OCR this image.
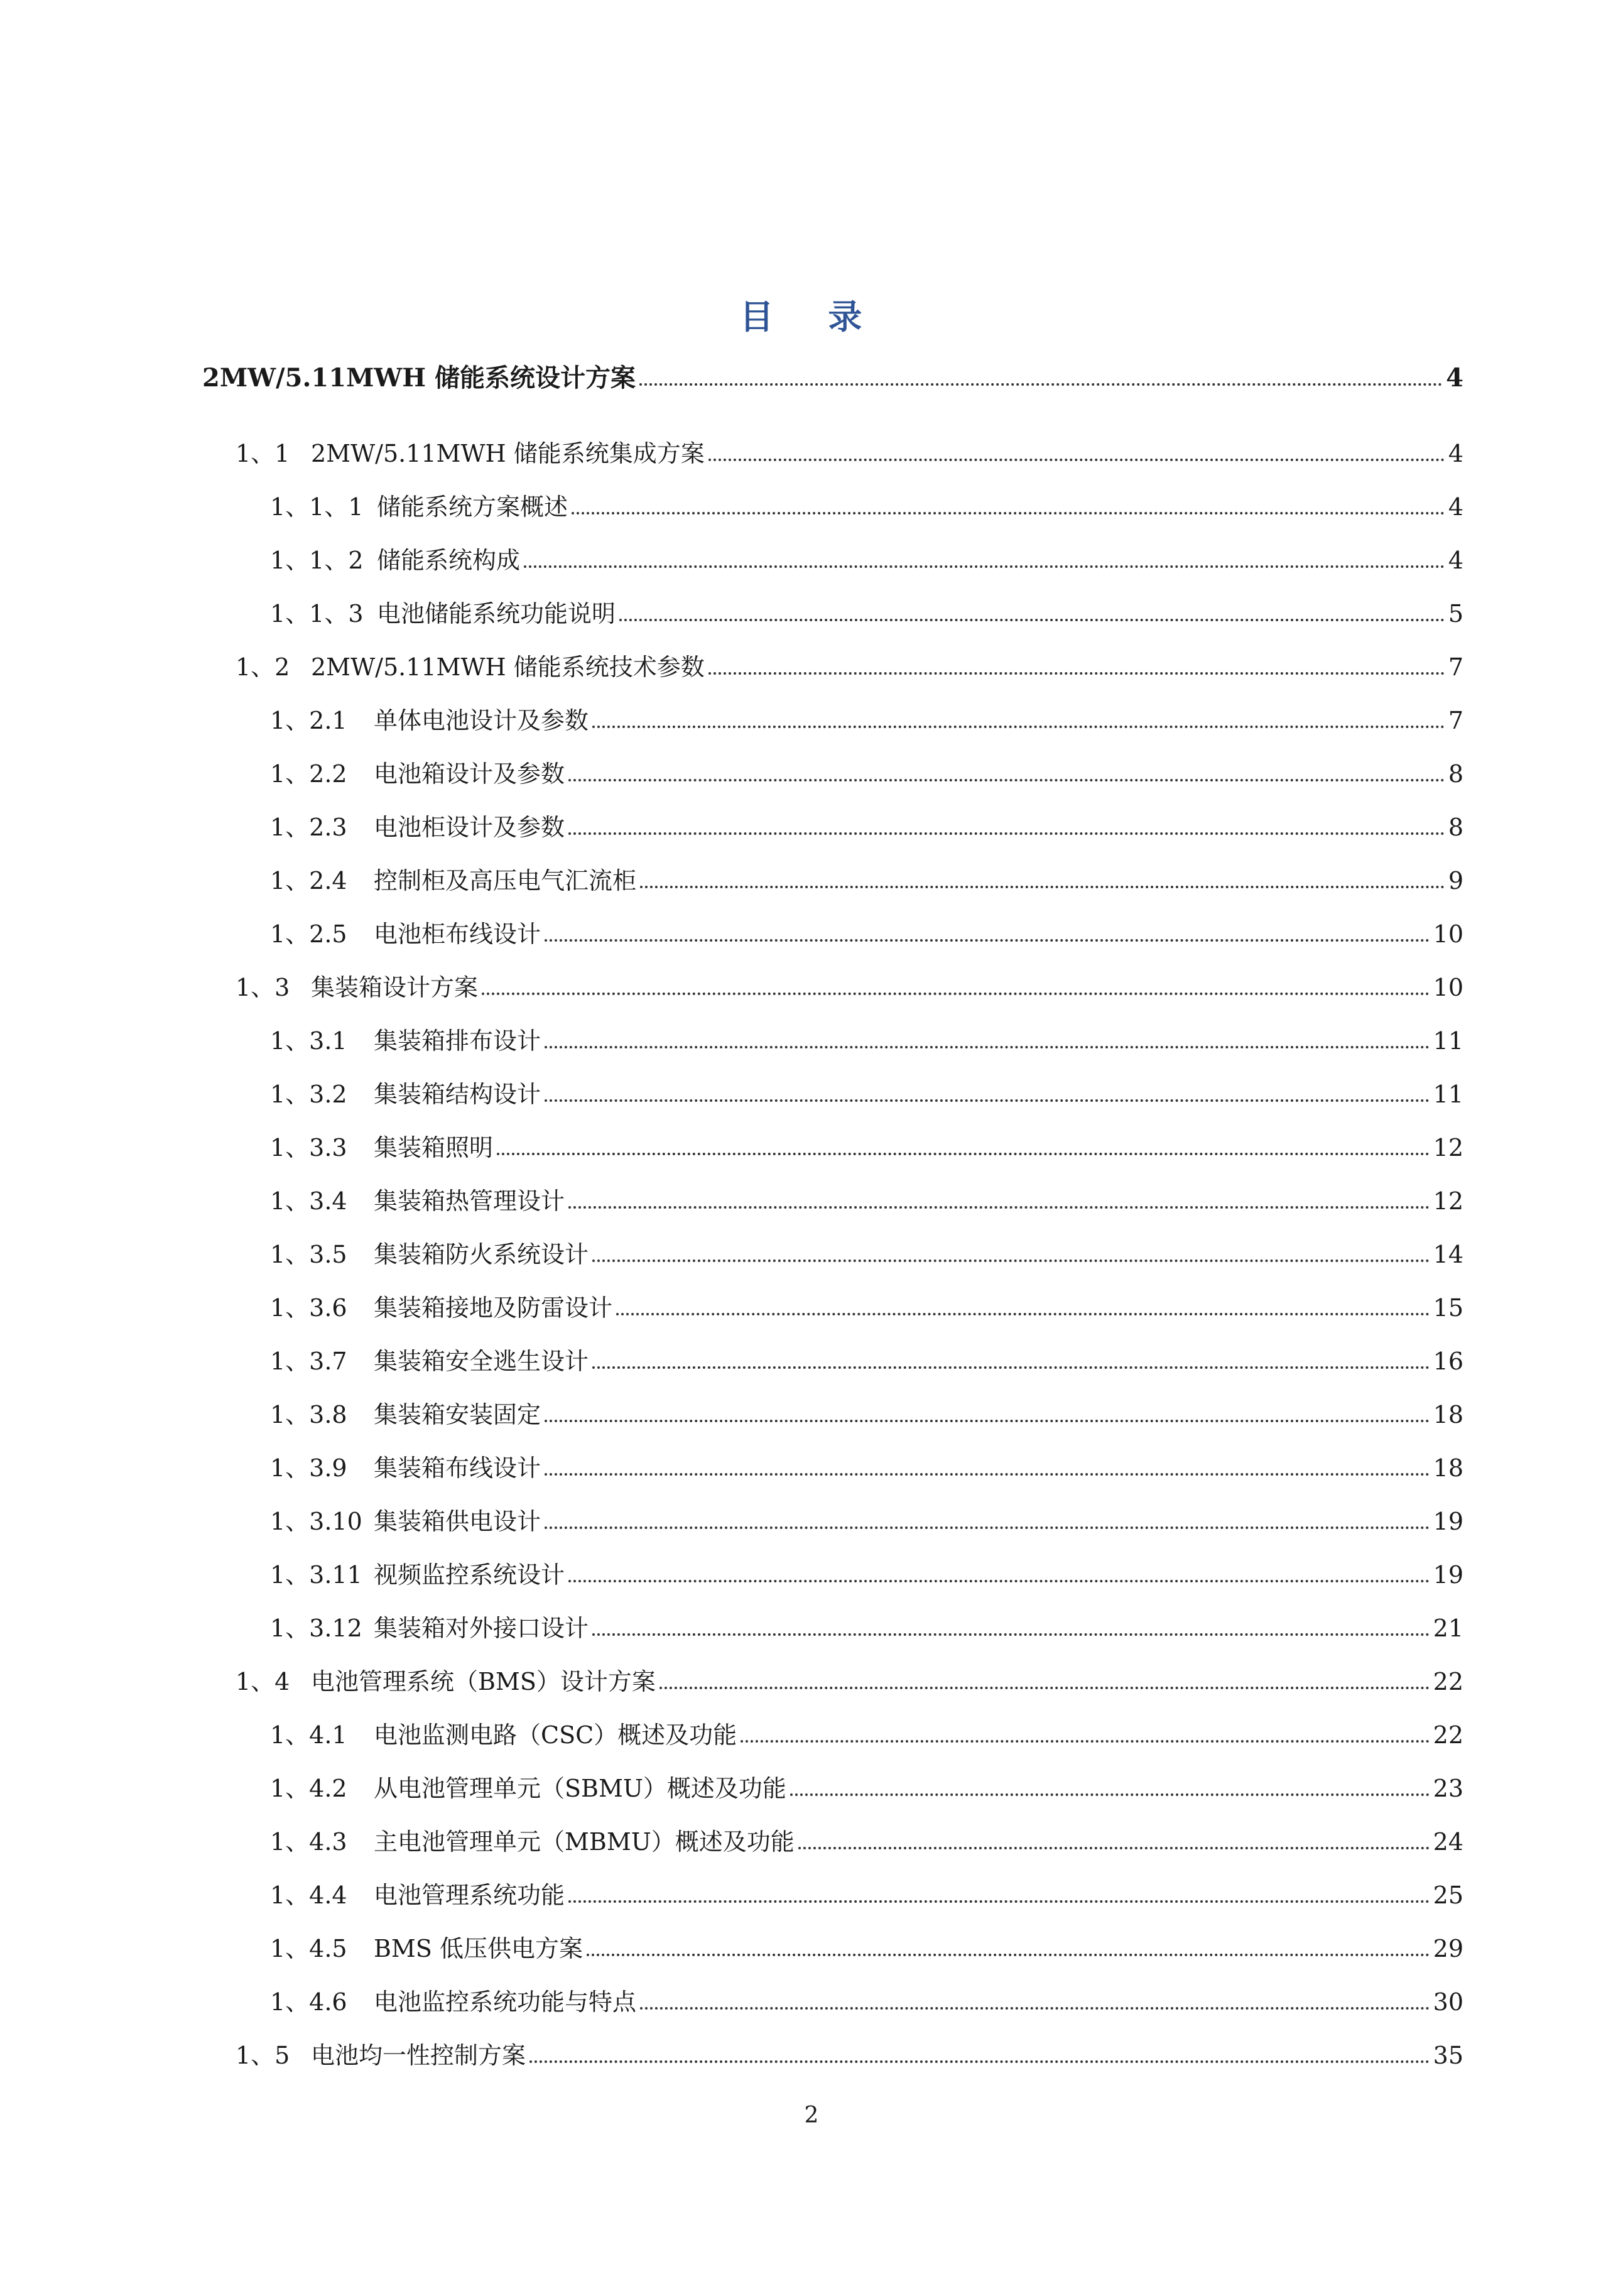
目 录
2MW/5.11MWH 储能系统设计方案	4
1、1 2MW/5.11MWH 储能系统集成方案	4
1、1、1 储能系统方案概述	4
1、1、2 储能系统构成	4
1、1、3 电池储能系统功能说明	5
1、2 2MW/5.11MWH 储能系统技术参数	7
1、2.1	单体电池设计及参数	7
1、2.2	电池箱设计及参数	8
1、2.3	电池柜设计及参数	8
1、2.4	控制柜及高压电气汇流柜	9
1、2.5	电池柜布线设计	10
1、3 集装箱设计方案	10
1、3.1	集装箱排布设计	11
1、3.2	集装箱结构设计	11
1、3.3	集装箱照明	12
1、3.4	集装箱热管理设计	12
1、3.5	集装箱防火系统设计	14
1、3.6	集装箱接地及防雷设计	15
1、3.7	集装箱安全逃生设计	16
1、3.8	集装箱安装固定	18
1、3.9	集装箱布线设计	18
1、3.10 集装箱供电设计	19
1、3.11 视频监控系统设计	19
1、3.12 集装箱对外接口设计	21
1、4 电池管理系统（BMS）设计方案	22
1、4.1	电池监测电路（CSC）概述及功能	22
1、4.2	从电池管理单元（SBMU）概述及功能	23
1、4.3	主电池管理单元（MBMU）概述及功能	24
1、4.4	电池管理系统功能	25
1、4.5	BMS 低压供电方案	29
1、4.6	电池监控系统功能与特点	30
1、5 电池均一性控制方案	35
2
